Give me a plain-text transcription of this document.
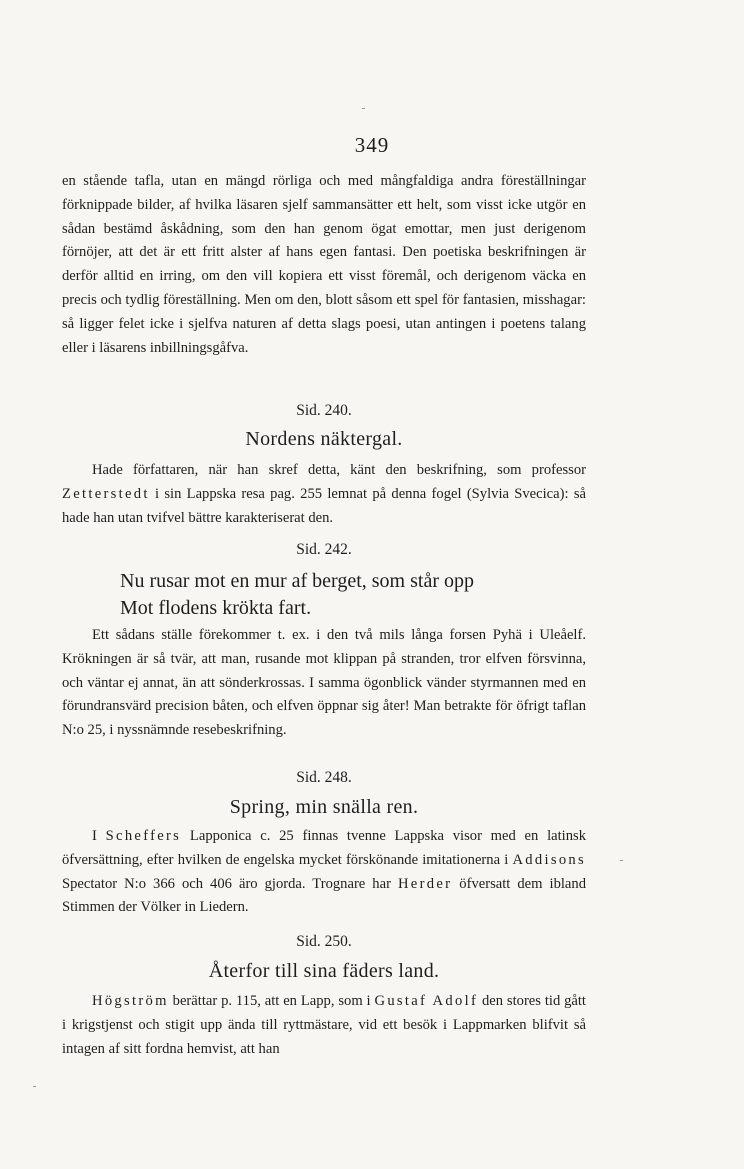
349

en stående tafla, utan en mängd rörliga och med mångfaldiga andra föreställningar förknippade bilder, af hvilka läsaren sjelf sammansätter ett helt, som visst icke utgör en sådan bestämd åskådning, som den han genom ögat emottar, men just derigenom förnöjer, att det är ett fritt alster af hans egen fantasi. Den poetiska beskrifningen är derför alltid en irring, om den vill kopiera ett visst föremål, och derigenom väcka en precis och tydlig föreställning. Men om den, blott såsom ett spel för fantasien, misshagar: så ligger felet icke i sjelfva naturen af detta slags poesi, utan antingen i poetens talang eller i läsarens inbillningsgåfva.

Sid. 240.
Nordens näktergal.

Hade författaren, när han skref detta, känt den beskrifning, som professor Zetterstedt i sin Lappska resa pag. 255 lemnat på denna fogel (Sylvia Svecica): så hade han utan tvifvel bättre karakteriserat den.

Sid. 242.

Nu rusar mot en mur af berget, som står opp

Mot flodens krökta fart.

Ett sådans ställe förekommer t. ex. i den två mils långa forsen Pyhä i Uleåelf. Krökningen är så tvär, att man, rusande mot klippan på stranden, tror elfven försvinna, och väntar ej annat, än att sönderkrossas. I samma ögonblick vänder styrmannen med en förundransvärd precision båten, och elfven öppnar sig åter! Man betrakte för öfrigt taflan N:o 25, i nyssnämnde resebeskrifning.

Sid. 248.
Spring, min snälla ren.

I Scheffers Lapponica c. 25 finnas tvenne Lappska visor med en latinsk öfversättning, efter hvilken de engelska mycket förskönande imitationerna i Addisons Spectator N:o 366 och 406 äro gjorda. Trognare har Herder öfversatt dem ibland Stimmen der Völker in Liedern.

Sid. 250.
Återfor till sina fäders land.

Högström berättar p. 115, att en Lapp, som i Gustaf Adolf den stores tid gått i krigstjenst och stigit upp ända till ryttmästare, vid ett besök i Lappmarken blifvit så intagen af sitt fordna hemvist, att han
